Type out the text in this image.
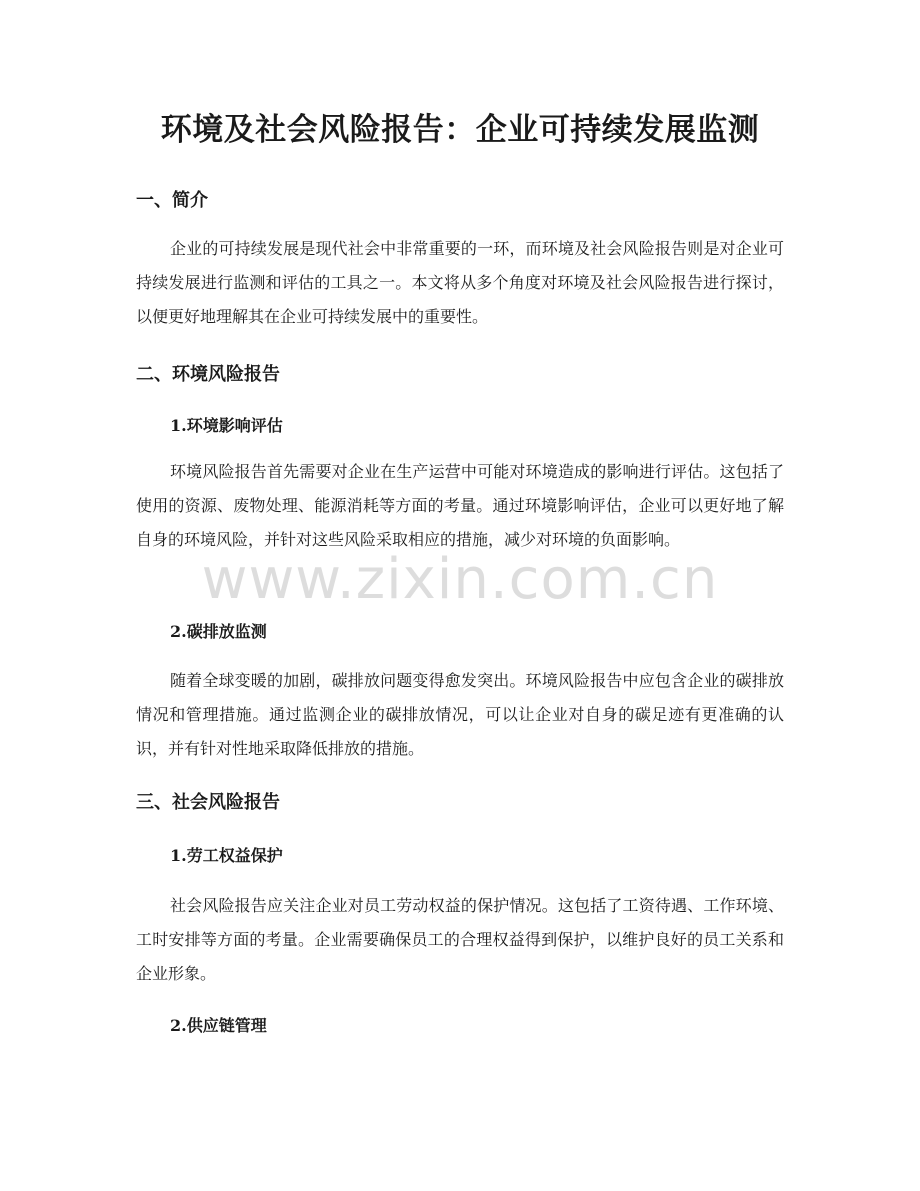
环境及社会风险报告：企业可持续发展监测
一、简介

企业的可持续发展是现代社会中非常重要的一环，而环境及社会风险报告则是对企业可持续发展进行监测和评估的工具之一。本文将从多个角度对环境及社会风险报告进行探讨，以便更好地理解其在企业可持续发展中的重要性。

二、环境风险报告
1.环境影响评估

环境风险报告首先需要对企业在生产运营中可能对环境造成的影响进行评估。这包括了使用的资源、废物处理、能源消耗等方面的考量。通过环境影响评估，企业可以更好地了解自身的环境风险，并针对这些风险采取相应的措施，减少对环境的负面影响。

2.碳排放监测

随着全球变暖的加剧，碳排放问题变得愈发突出。环境风险报告中应包含企业的碳排放情况和管理措施。通过监测企业的碳排放情况，可以让企业对自身的碳足迹有更准确的认识，并有针对性地采取降低排放的措施。

三、社会风险报告
1.劳工权益保护

社会风险报告应关注企业对员工劳动权益的保护情况。这包括了工资待遇、工作环境、工时安排等方面的考量。企业需要确保员工的合理权益得到保护，以维护良好的员工关系和企业形象。

2.供应链管理
www.zixin.com.cn
